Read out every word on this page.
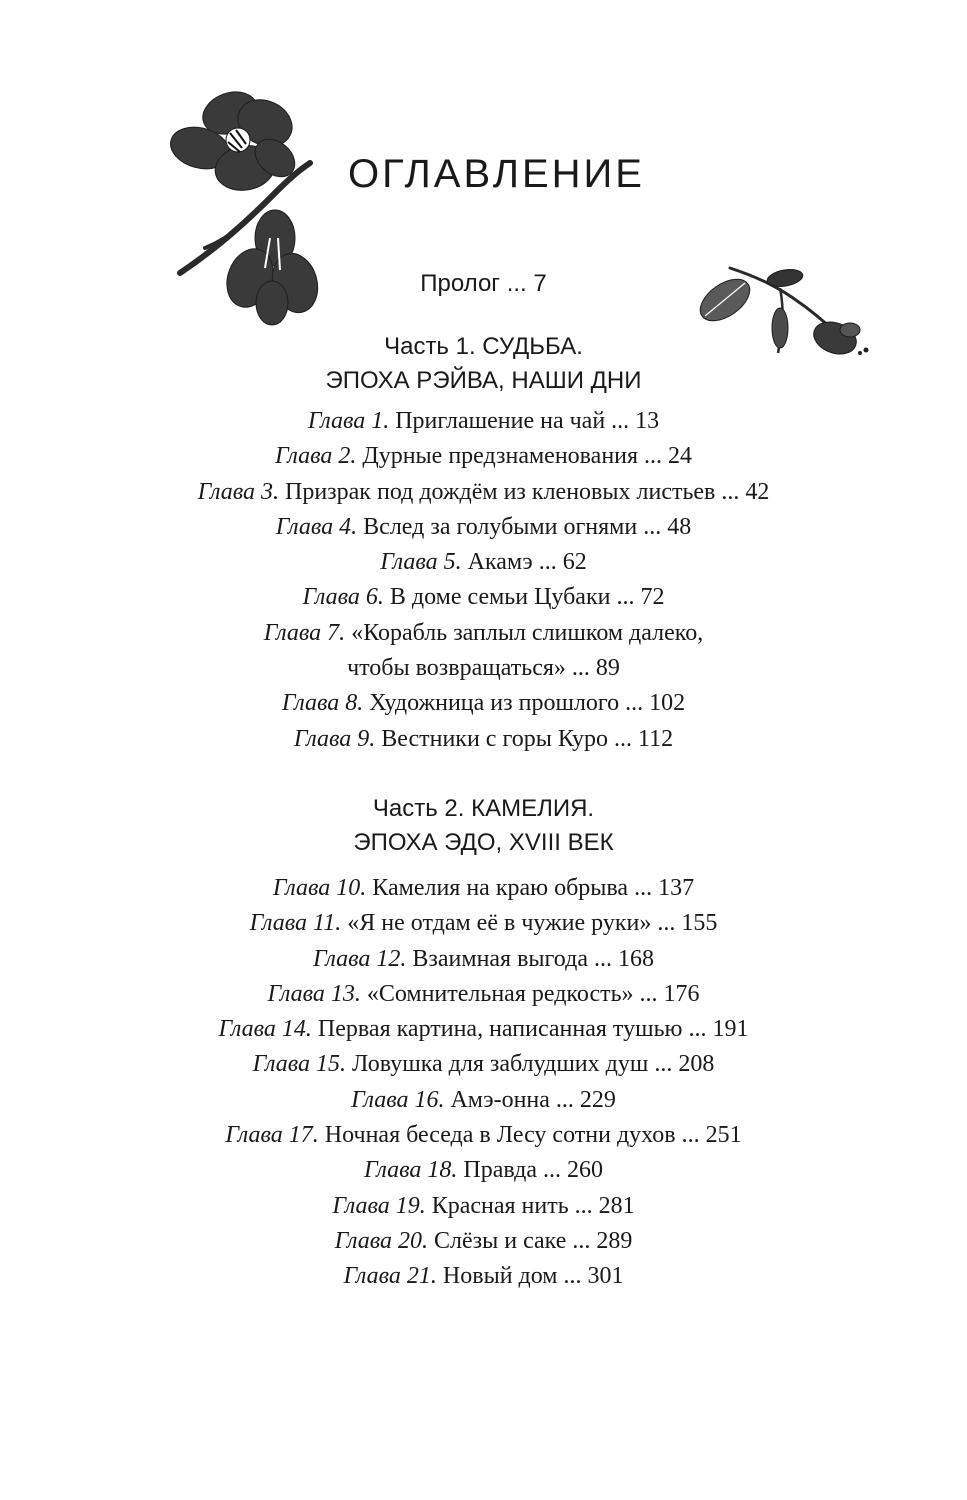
ОГЛАВЛЕНИЕ
Пролог ... 7
Часть 1. СУДЬБА.
ЭПОХА РЭЙВА, НАШИ ДНИ
Глава 1. Приглашение на чай ... 13
Глава 2. Дурные предзнаменования ... 24
Глава 3. Призрак под дождём из кленовых листьев ... 42
Глава 4. Вслед за голубыми огнями ... 48
Глава 5. Акамэ ... 62
Глава 6. В доме семьи Цубаки ... 72
Глава 7. «Корабль заплыл слишком далеко,
чтобы возвращаться» ... 89
Глава 8. Художница из прошлого ... 102
Глава 9. Вестники с горы Куро ... 112
Часть 2. КАМЕЛИЯ.
ЭПОХА ЭДО, XVIII ВЕК
Глава 10. Камелия на краю обрыва ... 137
Глава 11. «Я не отдам её в чужие руки» ... 155
Глава 12. Взаимная выгода ... 168
Глава 13. «Сомнительная редкость» ... 176
Глава 14. Первая картина, написанная тушью ... 191
Глава 15. Ловушка для заблудших душ ... 208
Глава 16. Амэ-онна ... 229
Глава 17. Ночная беседа в Лесу сотни духов ... 251
Глава 18. Правда ... 260
Глава 19. Красная нить ... 281
Глава 20. Слёзы и саке ... 289
Глава 21. Новый дом ... 301
